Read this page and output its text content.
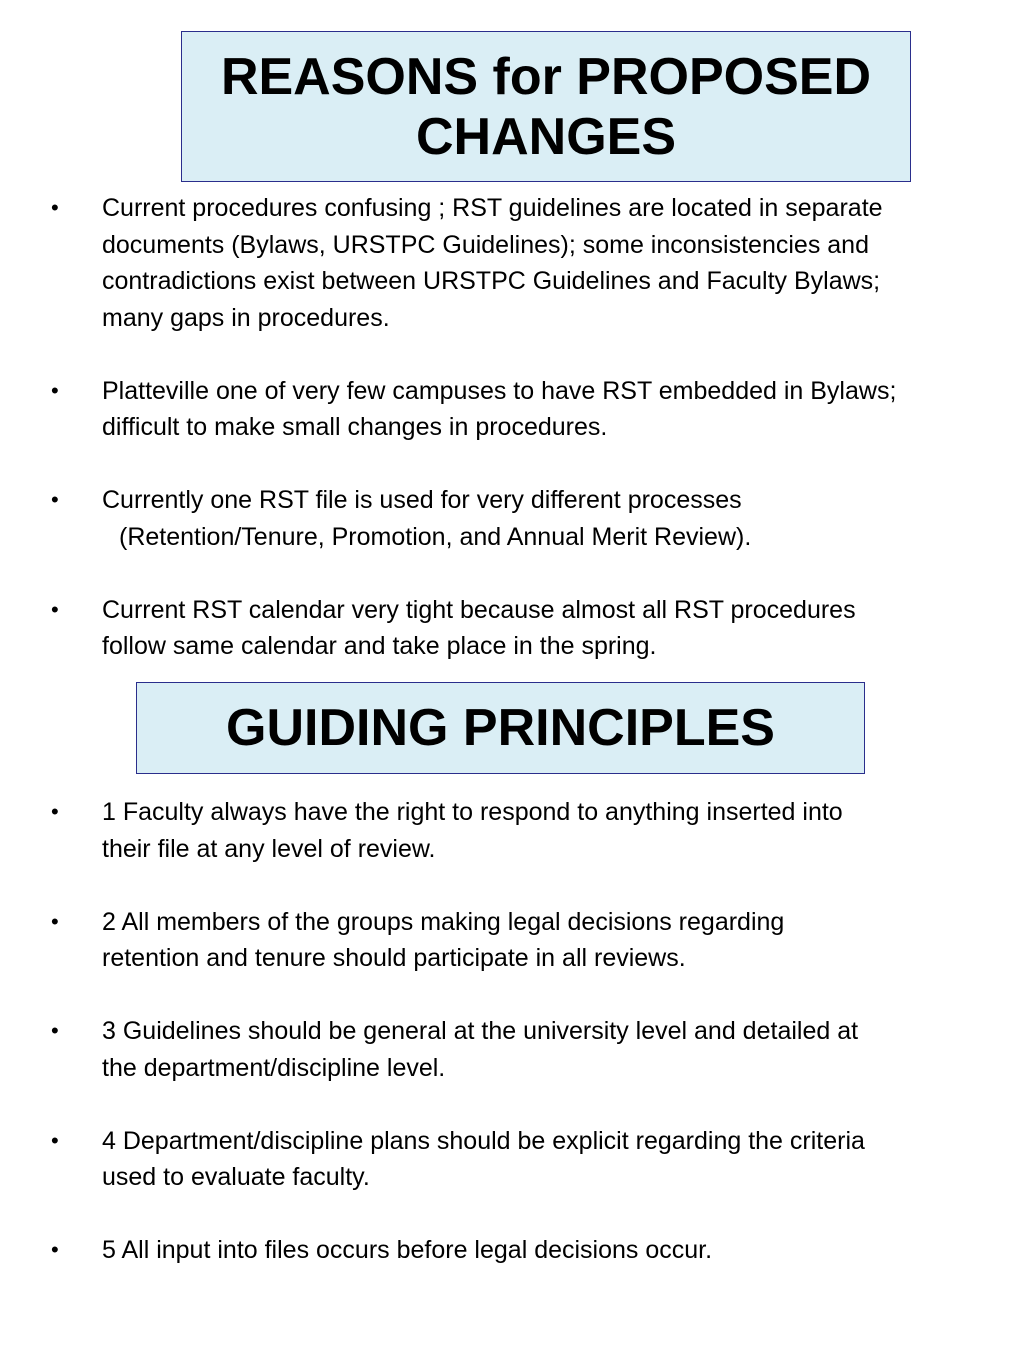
REASONS for PROPOSED
CHANGES
• Current procedures confusing ; RST guidelines are located in separate
documents (Bylaws, URSTPC Guidelines); some inconsistencies and
contradictions exist between URSTPC Guidelines and Faculty Bylaws;
many gaps in procedures.
• Platteville one of very few campuses to have RST embedded in Bylaws;
difficult to make small changes in procedures.
• Currently one RST file is used for very different processes
(Retention/Tenure, Promotion, and Annual Merit Review).
• Current RST calendar very tight because almost all RST procedures
follow same calendar and take place in the spring.
GUIDING PRINCIPLES
• 1 Faculty always have the right to respond to anything inserted into
their file at any level of review.
• 2 All members of the groups making legal decisions regarding
retention and tenure should participate in all reviews.
• 3 Guidelines should be general at the university level and detailed at
the department/discipline level.
• 4 Department/discipline plans should be explicit regarding the criteria
used to evaluate faculty.
• 5 All input into files occurs before legal decisions occur.
